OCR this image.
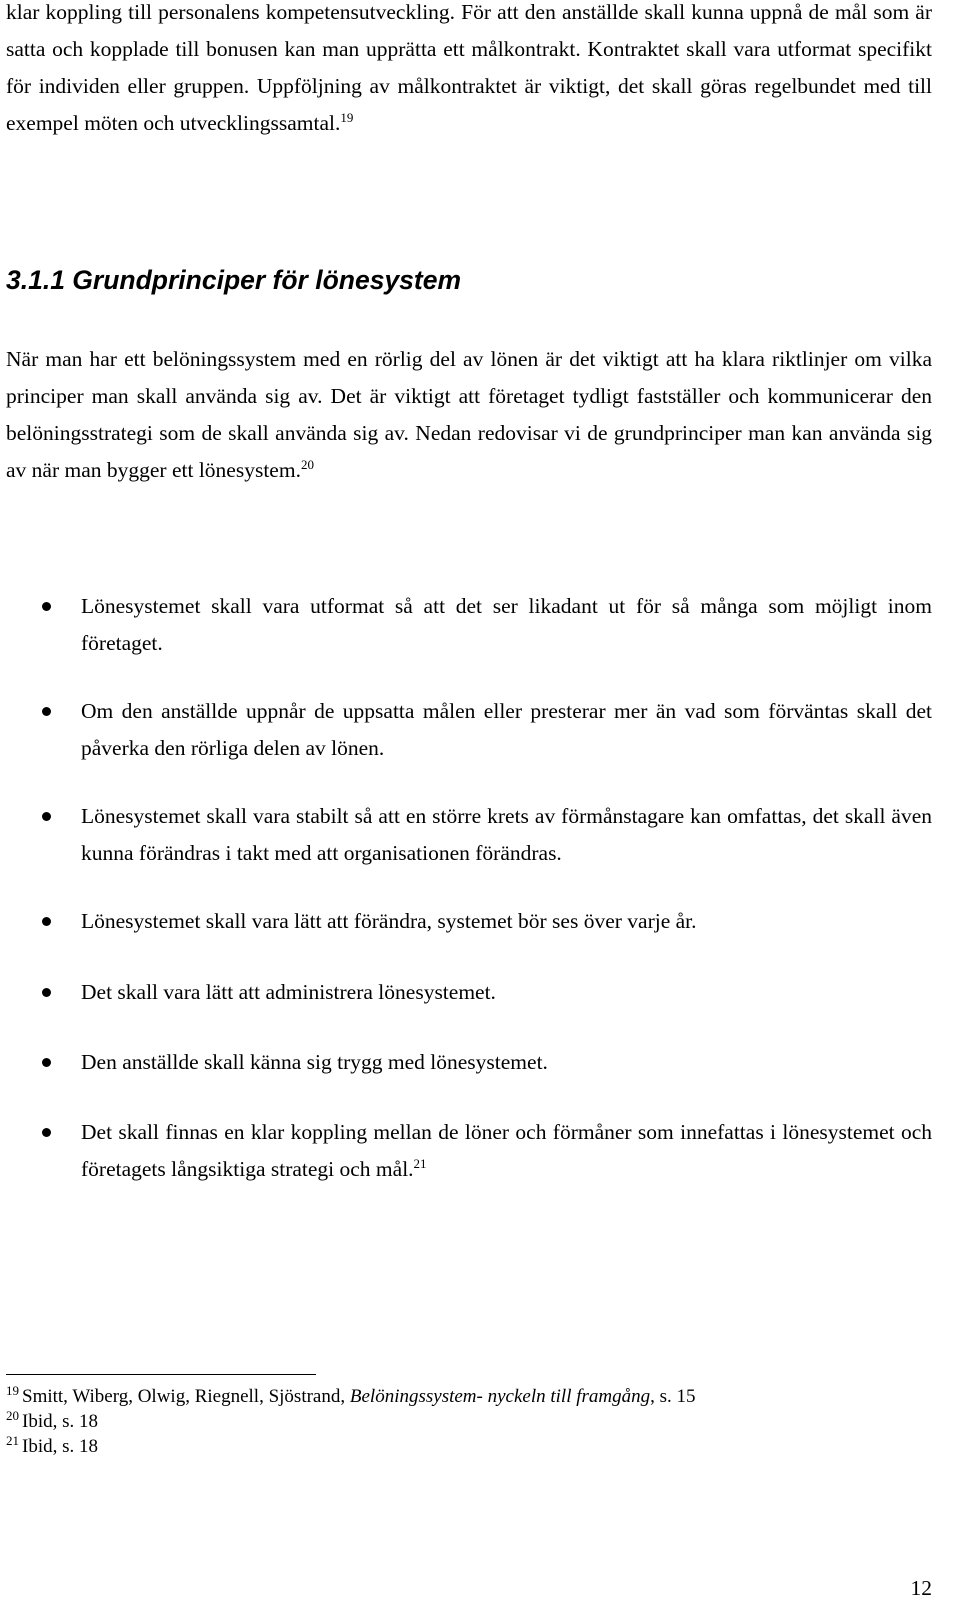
klar koppling till personalens kompetensutveckling. För att den anställde skall kunna uppnå de mål som är satta och kopplade till bonusen kan man upprätta ett målkontrakt. Kontraktet skall vara utformat specifikt för individen eller gruppen. Uppföljning av målkontraktet är viktigt, det skall göras regelbundet med till exempel möten och utvecklingssamtal.$^{19}$

3.1.1 Grundprinciper för lönesystem

När man har ett belöningssystem med en rörlig del av lönen är det viktigt att ha klara riktlinjer om vilka principer man skall använda sig av. Det är viktigt att företaget tydligt fastställer och kommunicerar den belöningsstrategi som de skall använda sig av. Nedan redovisar vi de grundprinciper man kan använda sig av när man bygger ett lönesystem.$^{20}$

Lönesystemet skall vara utformat så att det ser likadant ut för så många som möjligt inom företaget.

Om den anställde uppnår de uppsatta målen eller presterar mer än vad som förväntas skall det påverka den rörliga delen av lönen.

Lönesystemet skall vara stabilt så att en större krets av förmånstagare kan omfattas, det skall även kunna förändras i takt med att organisationen förändras.

Lönesystemet skall vara lätt att förändra, systemet bör ses över varje år.

Det skall vara lätt att administrera lönesystemet.

Den anställde skall känna sig trygg med lönesystemet.

Det skall finnas en klar koppling mellan de löner och förmåner som innefattas i lönesystemet och företagets långsiktiga strategi och mål.$^{21}$

$^{19}$ Smitt, Wiberg, Olwig, Riegnell, Sjöstrand, Belöningssystem- nyckeln till framgång, s. 15

$^{20}$ Ibid, s. 18

$^{21}$ Ibid, s. 18

12
